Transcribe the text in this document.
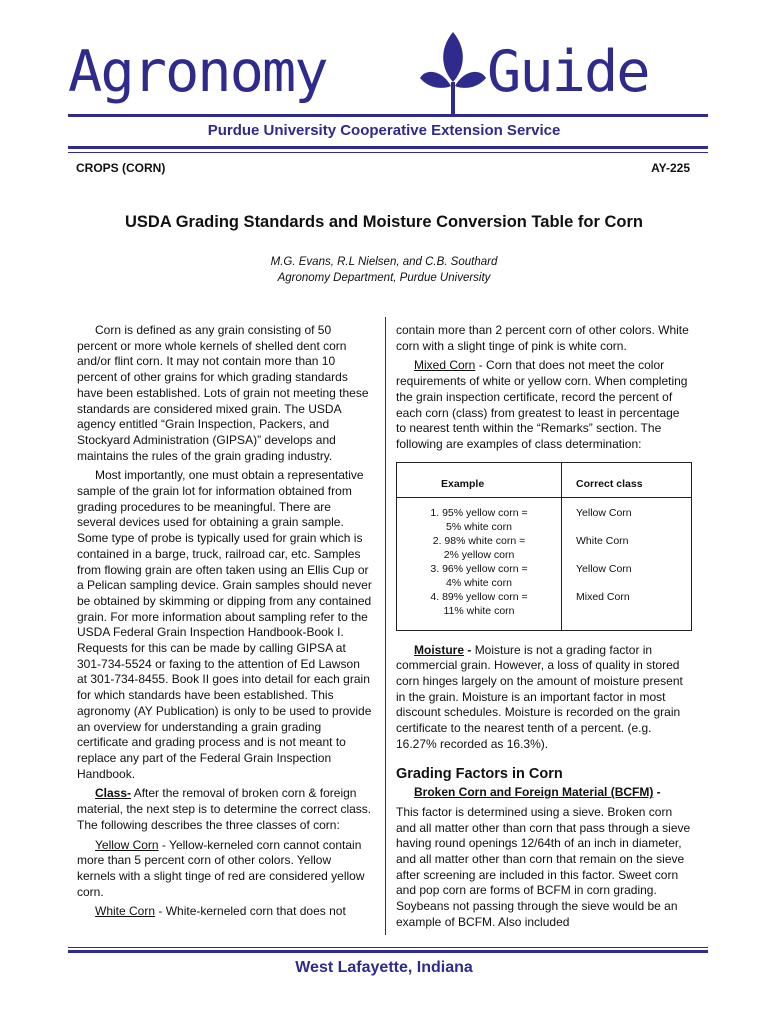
Agronomy	Guide
Purdue University Cooperative Extension Service
CROPS (CORN)	AY-225
USDA Grading Standards and Moisture Conversion Table for Corn
M.G. Evans, R.L Nielsen, and C.B. Southard
Agronomy Department, Purdue University

Corn is defined as any grain consisting of 50 percent or more whole kernels of shelled dent corn and/or flint corn. It may not contain more than 10 percent of other grains for which grading standards have been established. Lots of grain not meeting these standards are considered mixed grain. The USDA agency entitled “Grain Inspection, Packers, and Stockyard Administration (GIPSA)” develops and maintains the rules of the grain grading industry.

Most importantly, one must obtain a representative sample of the grain lot for information obtained from grading procedures to be meaningful. There are several devices used for obtaining a grain sample. Some type of probe is typically used for grain which is contained in a barge, truck, railroad car, etc. Samples from flowing grain are often taken using an Ellis Cup or a Pelican sampling device. Grain samples should never be obtained by skimming or dipping from any contained grain. For more information about sampling refer to the USDA Federal Grain Inspection Handbook-Book I. Requests for this can be made by calling GIPSA at 301-734-5524 or faxing to the attention of Ed Lawson at 301-734-8455. Book II goes into detail for each grain for which standards have been established. This agronomy (AY Publication) is only to be used to provide an overview for understanding a grain grading certificate and grading process and is not meant to replace any part of the Federal Grain Inspection Handbook.

Class- After the removal of broken corn & foreign material, the next step is to determine the correct class. The following describes the three classes of corn:

Yellow Corn - Yellow-kerneled corn cannot contain more than 5 percent corn of other colors. Yellow kernels with a slight tinge of red are considered yellow corn.

White Corn - White-kerneled corn that does not

contain more than 2 percent corn of other colors. White corn with a slight tinge of pink is white corn.

Mixed Corn - Corn that does not meet the color requirements of white or yellow corn. When completing the grain inspection certificate, record the percent of each corn (class) from greatest to least in percentage to nearest tenth within the “Remarks” section. The following are examples of class determination:

Example	Correct class

1. 95% yellow corn =
5% white corn	Yellow Corn

2. 98% white corn =
2% yellow corn	White Corn

3. 96% yellow corn =
4% white corn	Yellow Corn

4. 89% yellow corn =
11% white corn	Mixed Corn

Moisture - Moisture is not a grading factor in commercial grain. However, a loss of quality in stored corn hinges largely on the amount of moisture present in the grain. Moisture is an important factor in most discount schedules. Moisture is recorded on the grain certificate to the nearest tenth of a percent. (e.g. 16.27% recorded as 16.3%).

Grading Factors in Corn

Broken Corn and Foreign Material (BCFM) -

This factor is determined using a sieve. Broken corn and all matter other than corn that pass through a sieve having round openings 12/64th of an inch in diameter, and all matter other than corn that remain on the sieve after screening are included in this factor. Sweet corn and pop corn are forms of BCFM in corn grading. Soybeans not passing through the sieve would be an example of BCFM. Also included

West Lafayette, Indiana
